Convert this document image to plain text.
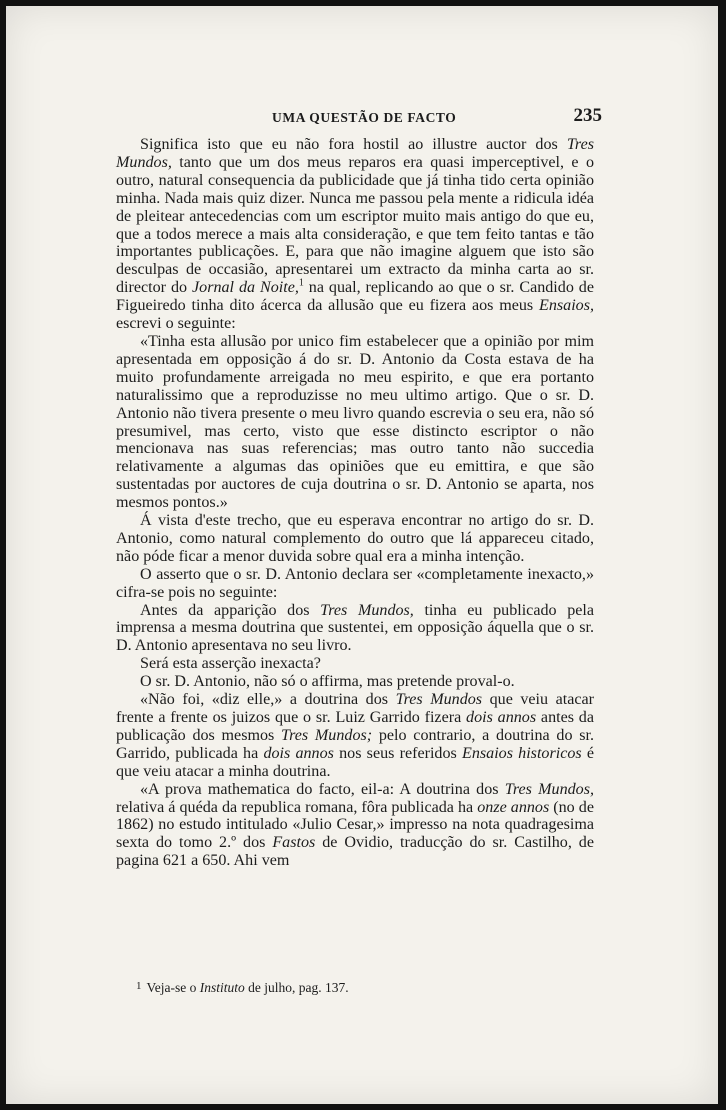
UMA QUESTÃO DE FACTO	235

Significa isto que eu não fora hostil ao illustre auctor dos Tres Mundos, tanto que um dos meus reparos era quasi imperceptivel, e o outro, natural consequencia da publicidade que já tinha tido certa opinião minha. Nada mais quiz dizer. Nunca me passou pela mente a ridicula idéa de pleitear antecedencias com um escriptor muito mais antigo do que eu, que a todos merece a mais alta consideração, e que tem feito tantas e tão importantes publicações. E, para que não imagine alguem que isto são desculpas de occasião, apresentarei um extracto da minha carta ao sr. director do Jornal da Noite,$^1$ na qual, replicando ao que o sr. Candido de Figueiredo tinha dito ácerca da allusão que eu fizera aos meus Ensaios, escrevi o seguinte:

«Tinha esta allusão por unico fim estabelecer que a opinião por mim apresentada em opposição á do sr. D. Antonio da Costa estava de ha muito profundamente arreigada no meu espirito, e que era portanto naturalissimo que a reproduzisse no meu ultimo artigo. Que o sr. D. Antonio não tivera presente o meu livro quando escrevia o seu era, não só presumivel, mas certo, visto que esse distincto escriptor o não mencionava nas suas referencias; mas outro tanto não succedia relativamente a algumas das opiniões que eu emittira, e que são sustentadas por auctores de cuja doutrina o sr. D. Antonio se aparta, nos mesmos pontos.»

Á vista d'este trecho, que eu esperava encontrar no artigo do sr. D. Antonio, como natural complemento do outro que lá appareceu citado, não póde ficar a menor duvida sobre qual era a minha intenção.

O asserto que o sr. D. Antonio declara ser «completamente inexacto,» cifra-se pois no seguinte:

Antes da apparição dos Tres Mundos, tinha eu publicado pela imprensa a mesma doutrina que sustentei, em opposição áquella que o sr. D. Antonio apresentava no seu livro.

Será esta asserção inexacta?

O sr. D. Antonio, não só o affirma, mas pretende proval-o.

«Não foi, «diz elle,» a doutrina dos Tres Mundos que veiu atacar frente a frente os juizos que o sr. Luiz Garrido fizera dois annos antes da publicação dos mesmos Tres Mundos; pelo contrario, a doutrina do sr. Garrido, publicada ha dois annos nos seus referidos Ensaios historicos é que veiu atacar a minha doutrina.

«A prova mathematica do facto, eil-a: A doutrina dos Tres Mundos, relativa á quéda da republica romana, fôra publicada ha onze annos (no de 1862) no estudo intitulado «Julio Cesar,» impresso na nota quadragesima sexta do tomo 2.º dos Fastos de Ovidio, traducção do sr. Castilho, de pagina 621 a 650. Ahi vem

$^1$ Veja-se o Instituto de julho, pag. 137.
